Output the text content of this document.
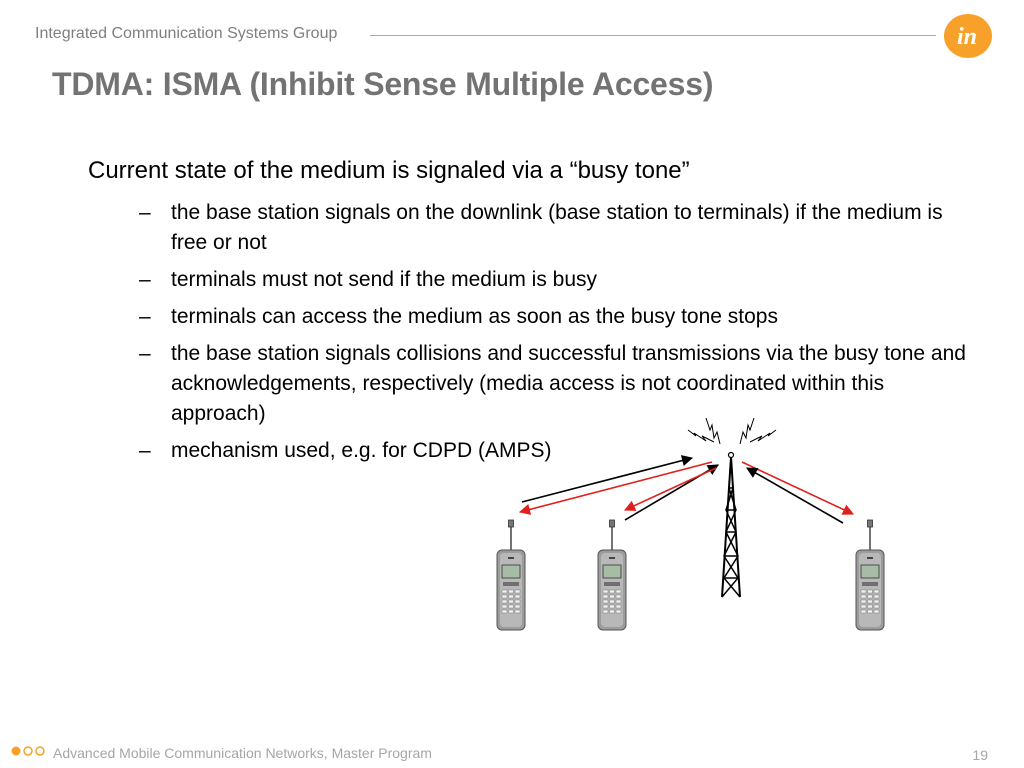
Integrated Communication Systems Group	in
TDMA: ISMA (Inhibit Sense Multiple Access)
Current state of the medium is signaled via a “busy tone”
– the base station signals on the downlink (base station to terminals) if the medium is free or not
– terminals must not send if the medium is busy
– terminals can access the medium as soon as the busy tone stops
– the base station signals collisions and successful transmissions via the busy tone and acknowledgements, respectively (media access is not coordinated within this approach)
– mechanism used, e.g. for CDPD (AMPS)
Advanced Mobile Communication Networks, Master Program	19
